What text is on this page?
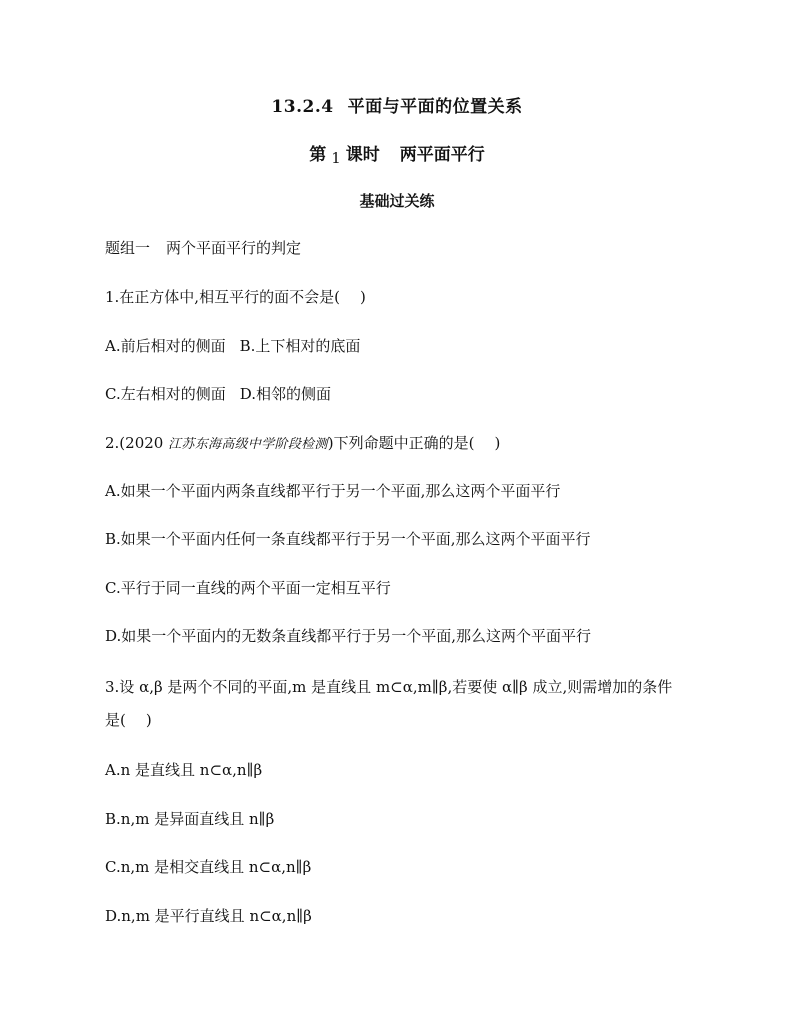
13.2.4 平面与平面的位置关系
第 1 课时 两平面平行
基础过关练
题组一 两个平面平行的判定
1.在正方体中,相互平行的面不会是( )
A.前后相对的侧面 B.上下相对的底面
C.左右相对的侧面 D.相邻的侧面
2.(2020 江苏东海高级中学阶段检测)下列命题中正确的是( )
A.如果一个平面内两条直线都平行于另一个平面,那么这两个平面平行
B.如果一个平面内任何一条直线都平行于另一个平面,那么这两个平面平行
C.平行于同一直线的两个平面一定相互平行
D.如果一个平面内的无数条直线都平行于另一个平面,那么这两个平面平行
3.设 α,β 是两个不同的平面,m 是直线且 m⊂α,m∥β,若要使 α∥β 成立,则需增加的条件
是( )
A.n 是直线且 n⊂α,n∥β
B.n,m 是异面直线且 n∥β
C.n,m 是相交直线且 n⊂α,n∥β
D.n,m 是平行直线且 n⊂α,n∥β
